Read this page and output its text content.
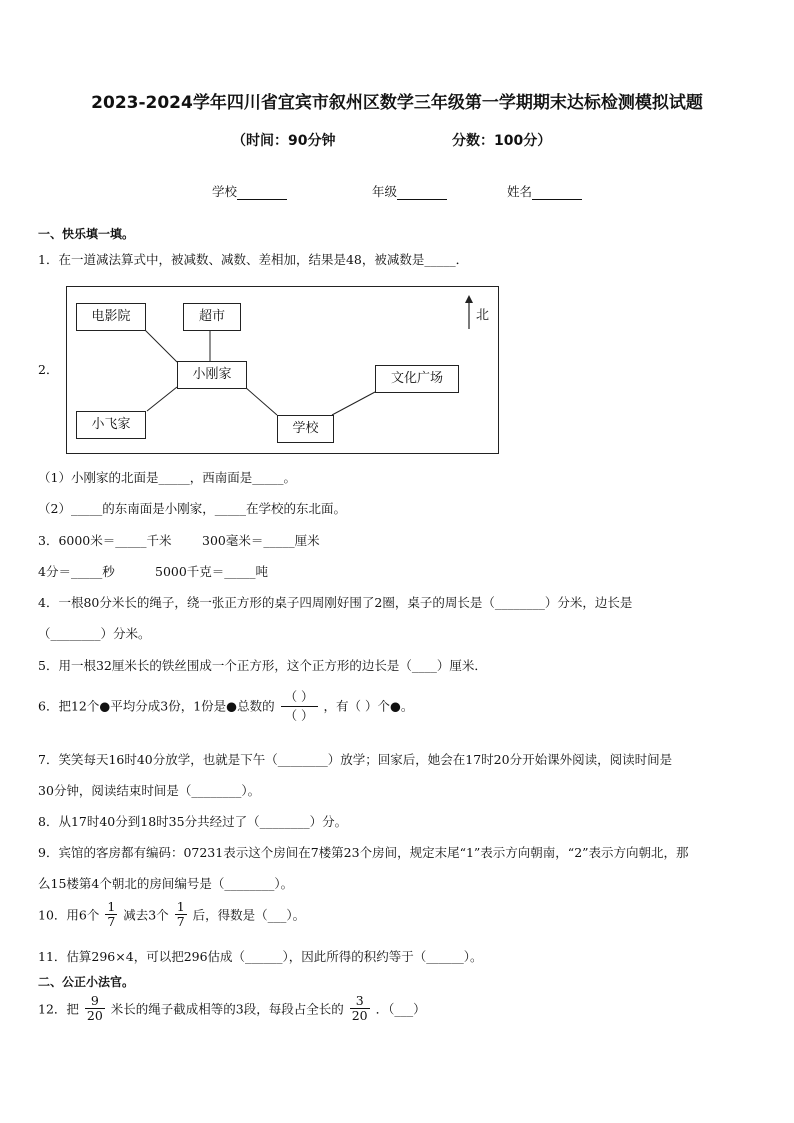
2023-2024学年四川省宜宾市叙州区数学三年级第一学期期末达标检测模拟试题
（时间：90分钟	分数：100分）
学校	年级	姓名
一、快乐填一填。
1．在一道减法算式中，被减数、减数、差相加，结果是48，被减数是_____．
2．
电影院	超市
小刚家	文化广场
小飞家	学校
北
（1）小刚家的北面是_____，西南面是_____。
（2）_____的东南面是小刚家，_____在学校的东北面。
3．6000米＝_____千米 300毫米＝_____厘米
4分＝_____秒	5000千克＝_____吨
4．一根80分米长的绳子，绕一张正方形的桌子四周刚好围了2圈，桌子的周长是（________）分米，边长是
（________）分米。
5．用一根32厘米长的铁丝围成一个正方形，这个正方形的边长是（____）厘米．
6．把12个●平均分成3份，1份是●总数的 $\frac{( )}{( )}$ ，有（ ）个●。
7．笑笑每天16时40分放学，也就是下午（________）放学；回家后，她会在17时20分开始课外阅读，阅读时间是
30分钟，阅读结束时间是（________）。
8．从17时40分到18时35分共经过了（________）分。
9．宾馆的客房都有编码：07231表示这个房间在7楼第23个房间，规定末尾“1”表示方向朝南，“2”表示方向朝北，那
么15楼第4个朝北的房间编号是（________）。
10．用6个 $\frac{1}{7}$ 减去3个 $\frac{1}{7}$ 后，得数是（___）。
11．估算296×4，可以把296估成（______），因此所得的积约等于（______）。
二、公正小法官。
12．把 $\frac{9}{20}$ 米长的绳子截成相等的3段，每段占全长的 $\frac{3}{20}$ ．（___）
